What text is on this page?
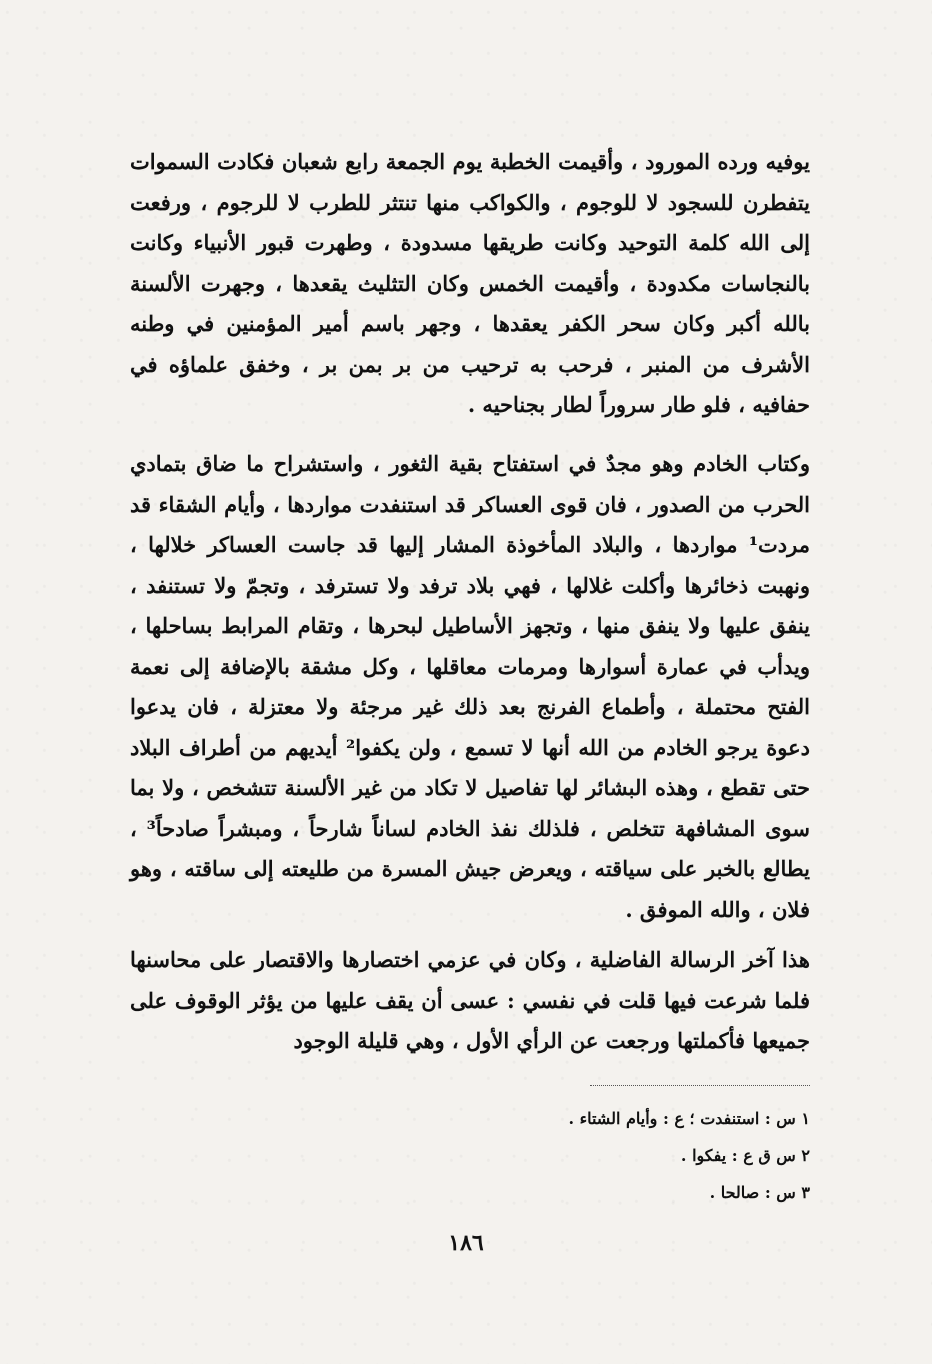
يوفيه ورده المورود ، وأقيمت الخطبة يوم الجمعة رابع شعبان فكادت السموات يتفطرن للسجود لا للوجوم ، والكواكب منها تنتثر للطرب لا للرجوم ، ورفعت إلى الله كلمة التوحيد وكانت طريقها مسدودة ، وطهرت قبور الأنبياء وكانت بالنجاسات مكدودة ، وأقيمت الخمس وكان التثليث يقعدها ، وجهرت الألسنة بالله أكبر وكان سحر الكفر يعقدها ، وجهر باسم أمير المؤمنين في وطنه الأشرف من المنبر ، فرحب به ترحيب من بر بمن بر ، وخفق علماؤه في حفافيه ، فلو طار سروراً لطار بجناحيه .

وكتاب الخادم وهو مجدٌ في استفتاح بقية الثغور ، واستشراح ما ضاق بتمادي الحرب من الصدور ، فان قوى العساكر قد استنفدت مواردها ، وأيام الشقاء قد مردت¹ مواردها ، والبلاد المأخوذة المشار إليها قد جاست العساكر خلالها ، ونهبت ذخائرها وأكلت غلالها ، فهي بلاد ترفد ولا تسترفد ، وتجمّ ولا تستنفد ، ينفق عليها ولا ينفق منها ، وتجهز الأساطيل لبحرها ، وتقام المرابط بساحلها ، ويدأب في عمارة أسوارها ومرمات معاقلها ، وكل مشقة بالإضافة إلى نعمة الفتح محتملة ، وأطماع الفرنج بعد ذلك غير مرجئة ولا معتزلة ، فان يدعوا دعوة يرجو الخادم من الله أنها لا تسمع ، ولن يكفوا² أيديهم من أطراف البلاد حتى تقطع ، وهذه البشائر لها تفاصيل لا تكاد من غير الألسنة تتشخص ، ولا بما سوى المشافهة تتخلص ، فلذلك نفذ الخادم لساناً شارحاً ، ومبشراً صادحاً³ ، يطالع بالخبر على سياقته ، ويعرض جيش المسرة من طليعته إلى ساقته ، وهو فلان ، والله الموفق .

هذا آخر الرسالة الفاضلية ، وكان في عزمي اختصارها والاقتصار على محاسنها فلما شرعت فيها قلت في نفسي : عسى أن يقف عليها من يؤثر الوقوف على جميعها فأكملتها ورجعت عن الرأي الأول ، وهي قليلة الوجود

١ س : استنفدت ؛ ع : وأيام الشتاء .
٢ س ق ع : يفكوا .
٣ س : صالحا .
١٨٦
